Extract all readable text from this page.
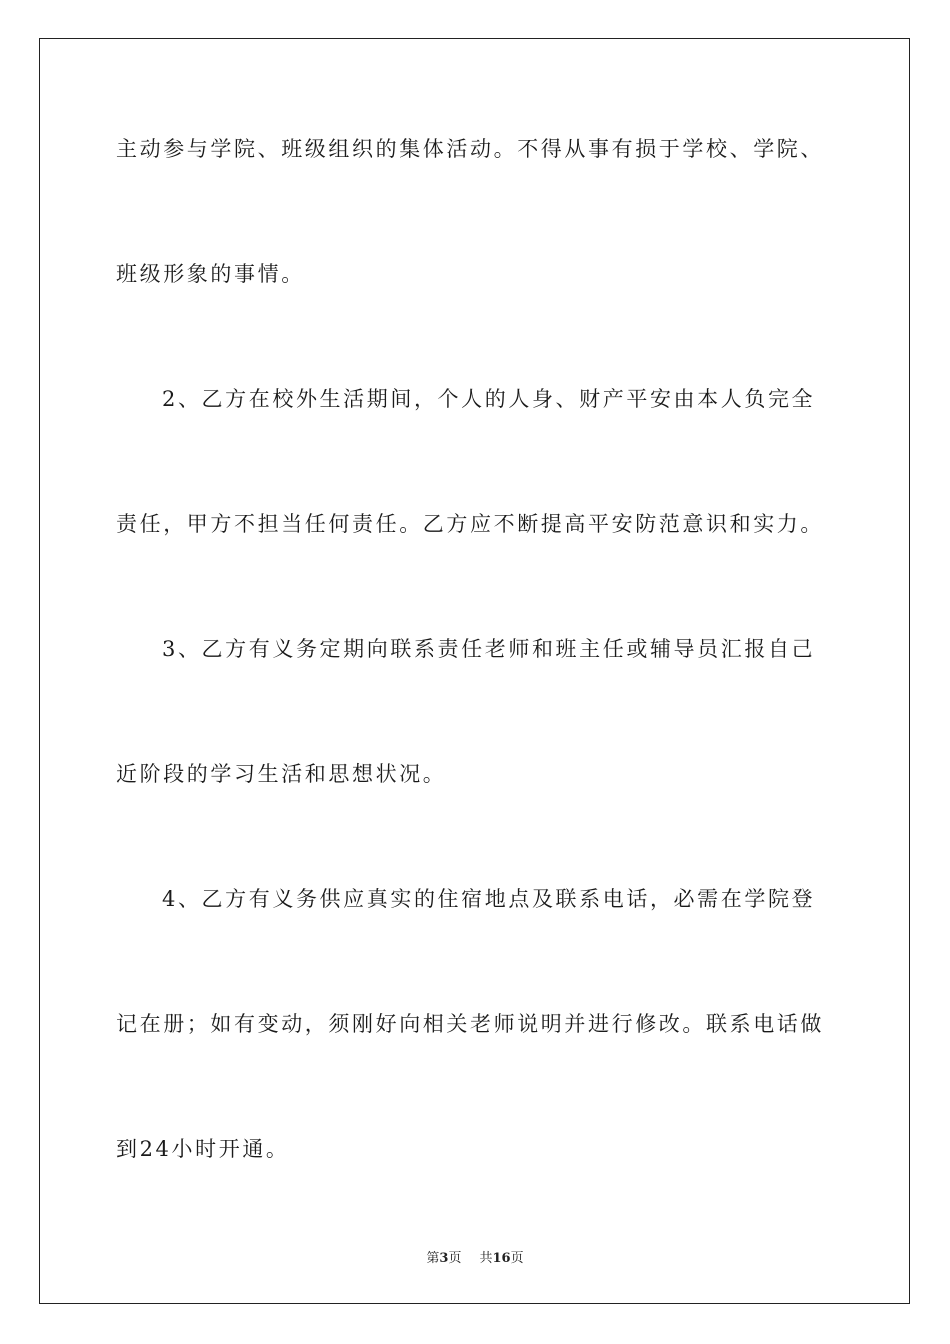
主动参与学院、班级组织的集体活动。不得从事有损于学校、学院、
班级形象的事情。
2、乙方在校外生活期间，个人的人身、财产平安由本人负完全
责任，甲方不担当任何责任。乙方应不断提高平安防范意识和实力。
3、乙方有义务定期向联系责任老师和班主任或辅导员汇报自己
近阶段的学习生活和思想状况。
4、乙方有义务供应真实的住宿地点及联系电话，必需在学院登
记在册；如有变动，须刚好向相关老师说明并进行修改。联系电话做
到24小时开通。
第3页 共16页
